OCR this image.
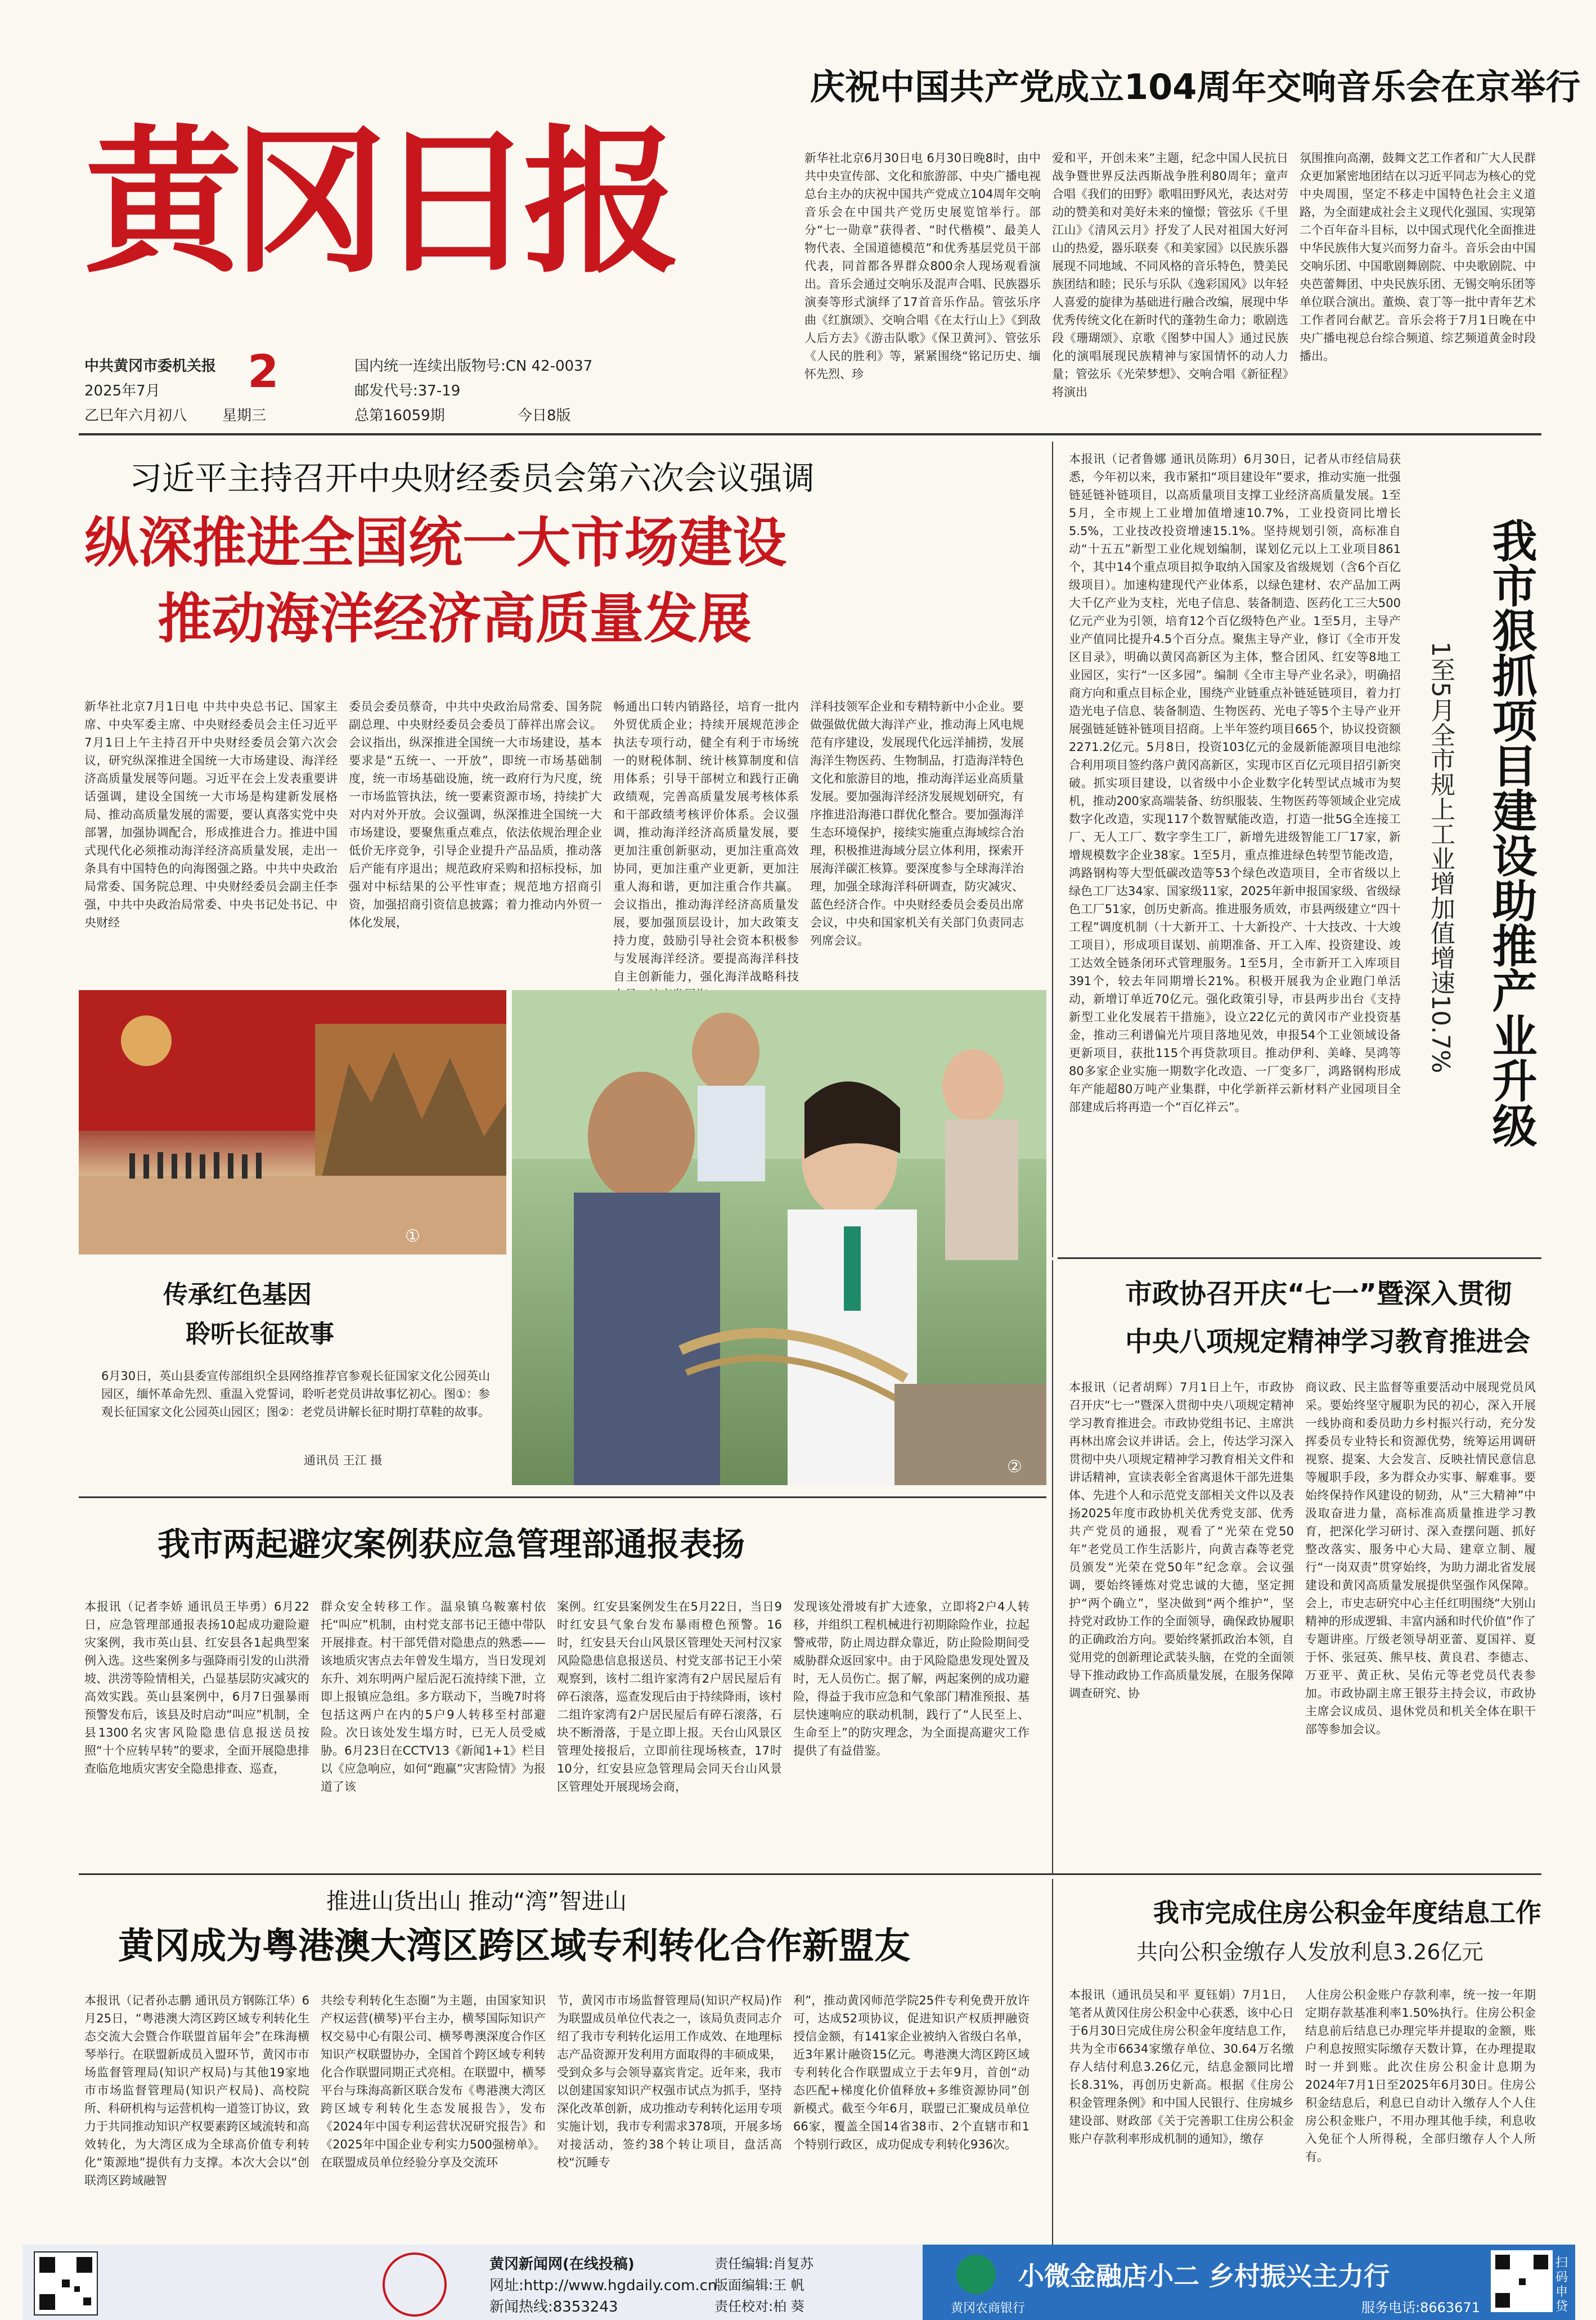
黄冈日报
中共黄冈市委机关报
2025年7月 2
乙巳年六月初八 星期三
国内统一连续出版物号:CN 42-0037
邮发代号:37-19
总第16059期	今日8版
庆祝中国共产党成立104周年交响音乐会在京举行
新华社北京6月30日电 6月30日晚8时，由中共中央宣传部、文化和旅游部、中央广播电视总台主办的庆祝中国共产党成立104周年交响音乐会在中国共产党历史展览馆举行。部分“七一勋章”获得者、“时代楷模”、最美人物代表、全国道德模范”和优秀基层党员干部代表，同首都各界群众800余人现场观看演出。音乐会通过交响乐及混声合唱、民族器乐演奏等形式演绎了17首音乐作品。管弦乐序曲《红旗颂》、交响合唱《在太行山上》《到敌人后方去》《游击队歌》《保卫黄河》、管弦乐《人民的胜利》等，紧紧围绕“铭记历史、缅怀先烈、珍
爱和平，开创未来”主题，纪念中国人民抗日战争暨世界反法西斯战争胜利80周年；童声合唱《我们的田野》歌唱田野风光，表达对劳动的赞美和对美好未来的憧憬；管弦乐《千里江山》《清风云月》抒发了人民对祖国大好河山的热爱，器乐联奏《和美家园》以民族乐器展现不同地域、不同风格的音乐特色，赞美民族团结和睦；民乐与乐队《逸彩国风》以年轻人喜爱的旋律为基础进行融合改编，展现中华优秀传统文化在新时代的蓬勃生命力；歌剧选段《珊瑚颂》、京歌《图梦中国人》通过民族化的演唱展现民族精神与家国情怀的动人力量；管弦乐《光荣梦想》、交响合唱《新征程》将演出
氛围推向高潮，鼓舞文艺工作者和广大人民群众更加紧密地团结在以习近平同志为核心的党中央周围，坚定不移走中国特色社会主义道路，为全面建成社会主义现代化强国、实现第二个百年奋斗目标，以中国式现代化全面推进中华民族伟大复兴而努力奋斗。音乐会由中国交响乐团、中国歌剧舞剧院、中央歌剧院、中央芭蕾舞团、中央民族乐团、无锡交响乐团等单位联合演出。董焕、袁丁等一批中青年艺术工作者同台献艺。音乐会将于7月1日晚在中央广播电视总台综合频道、综艺频道黄金时段播出。
习近平主持召开中央财经委员会第六次会议强调
纵深推进全国统一大市场建设
推动海洋经济高质量发展
新华社北京7月1日电 中共中央总书记、国家主席、中央军委主席、中央财经委员会主任习近平7月1日上午主持召开中央财经委员会第六次会议，研究纵深推进全国统一大市场建设、海洋经济高质量发展等问题。习近平在会上发表重要讲话强调，建设全国统一大市场是构建新发展格局、推动高质量发展的需要，要认真落实党中央部署，加强协调配合，形成推进合力。推进中国式现代化必须推动海洋经济高质量发展，走出一条具有中国特色的向海图强之路。中共中央政治局常委、国务院总理、中央财经委员会副主任李强，中共中央政治局常委、中央书记处书记、中央财经
委员会委员蔡奇，中共中央政治局常委、国务院副总理、中央财经委员会委员丁薛祥出席会议。会议指出，纵深推进全国统一大市场建设，基本要求是“五统一、一开放”，即统一市场基础制度，统一市场基础设施，统一政府行为尺度，统一市场监管执法，统一要素资源市场，持续扩大对内对外开放。会议强调，纵深推进全国统一大市场建设，要聚焦重点难点，依法依规治理企业低价无序竞争，引导企业提升产品品质，推动落后产能有序退出；规范政府采购和招标投标，加强对中标结果的公平性审查；规范地方招商引资，加强招商引资信息披露；着力推动内外贸一体化发展，
畅通出口转内销路径，培育一批内外贸优质企业；持续开展规范涉企执法专项行动，健全有利于市场统一的财税体制、统计核算制度和信用体系；引导干部树立和践行正确政绩观，完善高质量发展考核体系和干部政绩考核评价体系。会议强调，推动海洋经济高质量发展，要更加注重创新驱动，更加注重高效协同，更加注重产业更新，更加注重人海和谐，更加注重合作共赢。会议指出，推动海洋经济高质量发展，要加强顶层设计，加大政策支持力度，鼓励引导社会资本积极参与发展海洋经济。要提高海洋科技自主创新能力，强化海洋战略科技
洋科技领军企业和专精特新中小企业。要做强做优做大海洋产业，推动海上风电规范有序建设，发展现代化远洋捕捞，发展海洋生物医药、生物制品，打造海洋特色文化和旅游目的地，推动海洋运业高质量发展。要加强海洋经济发展规划研究，有序推进沿海港口群优化整合。要加强海洋生态环境保护，接续实施重点海域综合治理，积极推进海域分层立体利用，探索开展海洋碳汇核算。要深度参与全球海洋治理，加强全球海洋科研调查，防灾减灾、蓝色经济合作。中央财经委员会委员出席会议，中央和国家机关有关部门负责同志列席会议。
①
②
传承红色基因
聆听长征故事
6月30日，英山县委宣传部组织全县网络推荐官参观长征国家文化公园英山园区，缅怀革命先烈、重温入党誓词，聆听老党员讲故事忆初心。图①：参观长征国家文化公园英山园区；图②：老党员讲解长征时期打草鞋的故事。
通讯员 王江 摄
我市两起避灾案例获应急管理部通报表扬
本报讯（记者李娇 通讯员王毕勇）6月22日，应急管理部通报表扬10起成功避险避灾案例，我市英山县、红安县各1起典型案例入选。这些案例多与强降雨引发的山洪滑坡、洪涝等险情相关，凸显基层防灾减灾的高效实践。英山县案例中，6月7日强暴雨预警发布后，该县及时启动“叫应”机制，全县1300名灾害风险隐患信息报送员按照“十个应转早转”的要求，全面开展隐患排查临危地质灾害安全隐患排查、巡查，
群众安全转移工作。温泉镇乌鞍寨村依托“叫应”机制，由村党支部书记王德中带队开展排查。村干部凭借对隐患点的熟悉——该地质灾害点去年曾发生塌方，当日发现刘东升、刘东明两户屋后泥石流持续下泄，立即上报镇应急组。多方联动下，当晚7时将包括这两户在内的5户9人转移至村部避险。次日该处发生塌方时，已无人员受威胁。6月23日在CCTV13《新闻1+1》栏目以《应急响应，如何“跑赢”灾害险情》为报道了该
案例。红安县案例发生在5月22日，当日9时红安县气象台发布暴雨橙色预警。16时，红安县天台山风景区管理处天河村汉家风险隐患信息报送员、村党支部书记王小荣观察到，该村二组许家湾有2户居民屋后有碎石滚落，巡查发现后由于持续降雨，该村二组许家湾有2户居民屋后有碎石滚落，石块不断滑落，于是立即上报。天台山风景区管理处接报后，立即前往现场核查，17时10分，红安县应急管理局会同天台山风景区管理处开展现场会商，
发现该处滑坡有扩大迹象，立即将2户4人转移，并组织工程机械进行初期除险作业，拉起警戒带，防止周边群众靠近，防止险险期间受威胁群众返回家中。由于风险隐患发现处置及时，无人员伤亡。据了解，两起案例的成功避险，得益于我市应急和气象部门精准预报、基层快速响应的联动机制，践行了“人民至上、生命至上”的防灾理念，为全面提高避灾工作提供了有益借鉴。
推进山货出山 推动“湾”智进山
黄冈成为粤港澳大湾区跨区域专利转化合作新盟友
本报讯（记者孙志鹏 通讯员方钢陈江华）6月25日，“粤港澳大湾区跨区域专利转化生态交流大会暨合作联盟首届年会”在珠海横琴举行。在联盟新成员入盟环节，黄冈市市场监督管理局(知识产权局)与其他19家地市市场监督管理局(知识产权局)、高校院所、科研机构与运营机构一道签订协议，致力于共同推动知识产权要素跨区域流转和高效转化，为大湾区成为全球高价值专利转化“策源地”提供有力支撑。本次大会以“创联湾区跨域融智
共绘专利转化生态圈”为主题，由国家知识产权运营(横琴)平台主办，横琴国际知识产权交易中心有限公司、横琴粤澳深度合作区知识产权联盟协办，全国首个跨区域专利转化合作联盟同期正式亮相。在联盟中，横琴平台与珠海高新区联合发布《粤港澳大湾区跨区域专利转化生态发展报告》，发布《2024年中国专利运营状况研究报告》和《2025年中国企业专利实力500强榜单》。在联盟成员单位经验分享及交流环
节，黄冈市市场监督管理局(知识产权局)作为联盟成员单位代表之一，该局负责同志介绍了我市专利转化运用工作成效、在地理标志产品资源开发利用方面取得的丰硕成果，受到众多与会领导嘉宾肯定。近年来，我市以创建国家知识产权强市试点为抓手，坚持深化改革创新，成功推动专利转化运用专项实施计划，我市专利需求378项，开展多场对接活动，签约38个转让项目，盘活高校“沉睡专
利”，推动黄冈师范学院25件专利免费开放许可，达成52项协议，促进知识产权质押融资授信金额，有141家企业被纳入省级白名单，近3年累计融资15亿元。粤港澳大湾区跨区域专利转化合作联盟成立于去年9月，首创“动态匹配+梯度化价值释放+多维资源协同”创新模式。截至今年6月，联盟已汇聚成员单位66家，覆盖全国14省38市、2个直辖市和1个特别行政区，成功促成专利转化936次。
我市狠抓项目建设助推产业升级
1至5月全市规上工业增加值增速10.7%
本报讯（记者鲁娜 通讯员陈玥）6月30日，记者从市经信局获悉，今年初以来，我市紧扣“项目建设年”要求，推动实施一批强链延链补链项目，以高质量项目支撑工业经济高质量发展。1至5月，全市规上工业增加值增速10.7%，工业投资同比增长5.5%，工业技改投资增速15.1%。坚持规划引领，高标准自动“十五五”新型工业化规划编制，谋划亿元以上工业项目861个，其中14个重点项目拟争取纳入国家及省级规划（含6个百亿级项目）。加速构建现代产业体系，以绿色建材、农产品加工两大千亿产业为支柱，光电子信息、装备制造、医药化工三大500亿元产业为引领，培育12个百亿级特色产业。1至5月，主导产业产值同比提升4.5个百分点。聚焦主导产业，修订《全市开发区目录》，明确以黄冈高新区为主体，整合团风、红安等8地工业园区，实行“一区多园”。编制《全市主导产业名录》，明确招商方向和重点目标企业，围绕产业链重点补链延链项目，着力打造光电子信息、装备制造、生物医药、光电子等5个主导产业开展强链延链补链项目招商。上半年签约项目665个，协议投资额2271.2亿元。5月8日，投资103亿元的金晟新能源项目电池综合利用项目签约落户黄冈高新区，实现市区百亿元项目招引新突破。抓实项目建设，以省级中小企业数字化转型试点城市为契机，推动200家高端装备、纺织服装、生物医药等领域企业完成数字化改造，实现117个数智赋能改造，打造一批5G全连接工厂、无人工厂、数字孪生工厂，新增先进级智能工厂17家，新增规模数字企业38家。1至5月，重点推进绿色转型节能改造，鸿路钢构等大型低碳改造等53个绿色改造项目，全市省级以上绿色工厂达34家、国家级11家，2025年新申报国家级、省级绿色工厂51家，创历史新高。推进服务质效，市县两级建立“四十工程”调度机制（十大新开工、十大新投产、十大技改、十大竣工项目），形成项目谋划、前期准备、开工入库、投资建设、竣工达效全链条闭环式管理服务。1至5月，全市新开工入库项目391个，较去年同期增长21%。积极开展我为企业跑门单活动，新增订单近70亿元。强化政策引导，市县两步出台《支持新型工业化发展若干措施》，设立22亿元的黄冈市产业投资基金，推动三利谱偏光片项目落地见效，申报54个工业领域设备更新项目，获批115个再贷款项目。推动伊利、美峰、昊鸿等80多家企业实施一期数字化改造、一厂变多厂，鸿路钢构形成年产能超80万吨产业集群，中化学新祥云新材料产业园项目全部建成后将再造一个“百亿祥云”。
市政协召开庆“七一”暨深入贯彻
中央八项规定精神学习教育推进会
本报讯（记者胡辉）7月1日上午，市政协召开庆“七一”暨深入贯彻中央八项规定精神学习教育推进会。市政协党组书记、主席洪再林出席会议并讲话。会上，传达学习深入贯彻中央八项规定精神学习教育相关文件和讲话精神，宣读表彰全省离退休干部先进集体、先进个人和示范党支部相关文件以及表扬2025年度市政协机关优秀党支部、优秀共产党员的通报，观看了“光荣在党50年”老党员工作生活影片，向黄吉森等老党员颁发“光荣在党50年”纪念章。会议强调，要始终锤炼对党忠诚的大德，坚定拥护“两个确立”，坚决做到“两个维护”，坚持党对政协工作的全面领导，确保政协履职的正确政治方向。要始终紧抓政治本领，自觉用党的创新理论武装头脑，在党的全面领导下推动政协工作高质量发展，在服务保障调查研究、协
商议政、民主监督等重要活动中展现党员风采。要始终坚守履职为民的初心，深入开展一线协商和委员助力乡村振兴行动，充分发挥委员专业特长和资源优势，统筹运用调研视察、提案、大会发言、反映社情民意信息等履职手段，多为群众办实事、解难事。要始终保持作风建设的韧劲，从“三大精神”中汲取奋进力量，高标准高质量推进学习教育，把深化学习研讨、深入查摆问题、抓好整改落实、服务中心大局、建章立制、履行“一岗双责”贯穿始终，为助力湖北省发展建设和黄冈高质量发展提供坚强作风保障。会上，市史志研究中心主任红明围绕“大别山精神的形成逻辑、丰富内涵和时代价值”作了专题讲座。厅级老领导胡亚蕾、夏国祥、夏于怀、张冠英、熊早枝、黄良君、李德志、万亚平、黄正秋、吴佑元等老党员代表参加。市政协副主席王银芬主持会议，市政协主席会议成员、退休党员和机关全体在职干部等参加会议。
我市完成住房公积金年度结息工作
共向公积金缴存人发放利息3.26亿元
本报讯（通讯员吴和平 夏钰娟）7月1日，笔者从黄冈住房公积金中心获悉，该中心日于6月30日完成住房公积金年度结息工作，共为全市6634家缴存单位、30.64万名缴存人结付利息3.26亿元，结息金额同比增长8.31%，再创历史新高。根据《住房公积金管理条例》和中国人民银行、住房城乡建设部、财政部《关于完善职工住房公积金账户存款利率形成机制的通知》，缴存
人住房公积金账户存款利率，统一按一年期定期存款基准利率1.50%执行。住房公积金结息前后结息已办理完毕并提取的金额，账户利息按照实际缴存天数计算，在办理提取时一并到账。此次住房公积金计息期为2024年7月1日至2025年6月30日。住房公积金结息后，利息已自动计入缴存人个人住房公积金账户，不用办理其他手续，利息收入免征个人所得税，全部归缴存人个人所有。
黄冈新闻网(在线投稿)
网址:http://www.hgdaily.com.cn
新闻热线:8353243
责任编辑:肖复苏
版面编辑:王 帆
责任校对:柏 葵
小微金融店小二 乡村振兴主力行
黄冈农商银行	服务电话:8663671
扫码申贷
